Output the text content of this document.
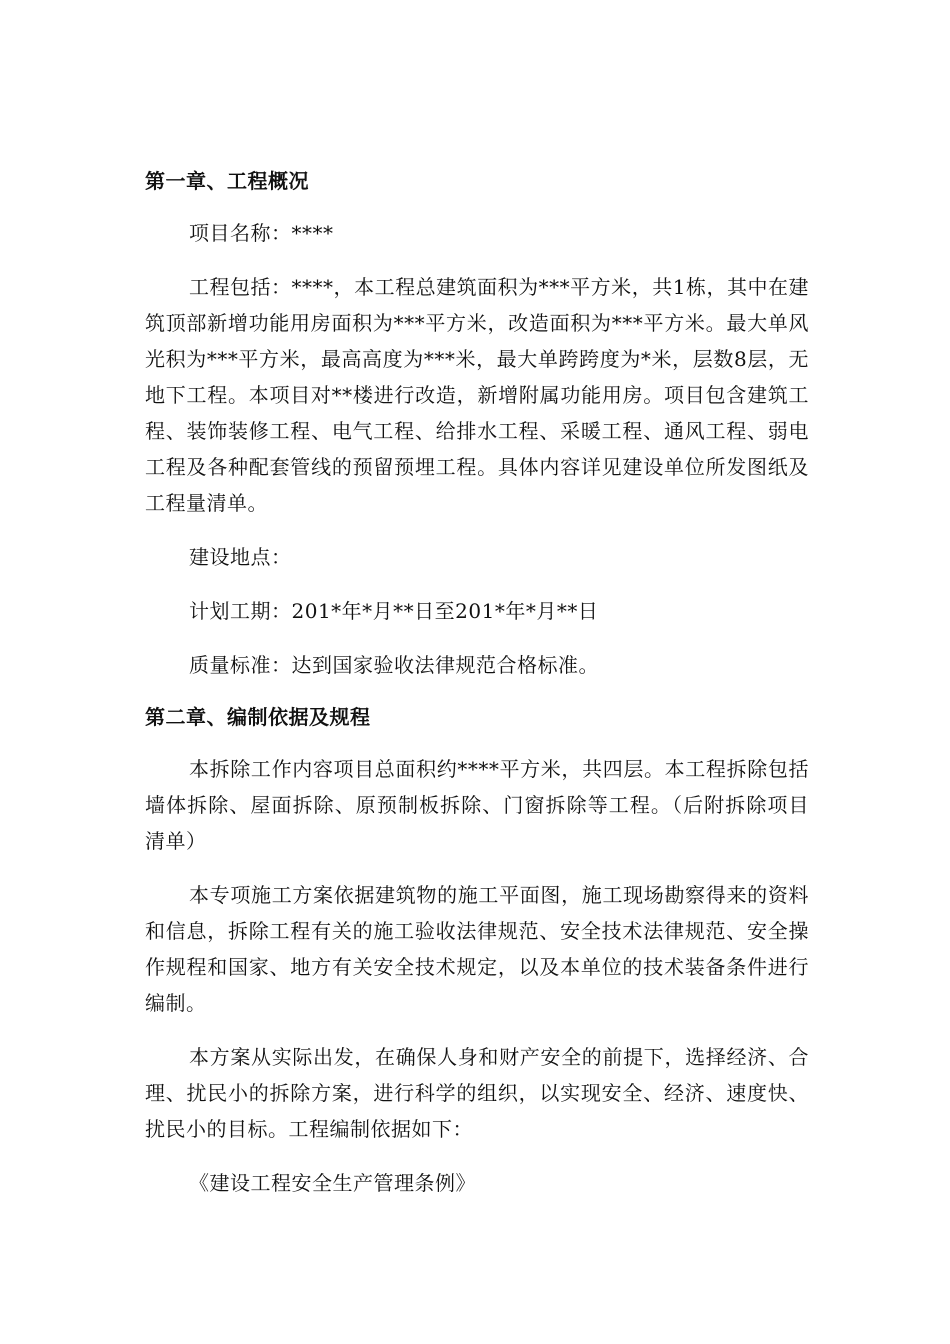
第一章、工程概况

项目名称：****

工程包括：****，本工程总建筑面积为***平方米，共1栋，其中在建筑顶部新增功能用房面积为***平方米，改造面积为***平方米。最大单风光积为***平方米，最高高度为***米，最大单跨跨度为*米，层数8层，无地下工程。本项目对**楼进行改造，新增附属功能用房。项目包含建筑工程、装饰装修工程、电气工程、给排水工程、采暖工程、通风工程、弱电工程及各种配套管线的预留预埋工程。具体内容详见建设单位所发图纸及工程量清单。

建设地点：

计划工期：201*年*月**日至201*年*月**日

质量标准：达到国家验收法律规范合格标准。

第二章、编制依据及规程

本拆除工作内容项目总面积约****平方米，共四层。本工程拆除包括墙体拆除、屋面拆除、原预制板拆除、门窗拆除等工程。（后附拆除项目清单）

本专项施工方案依据建筑物的施工平面图，施工现场勘察得来的资料和信息，拆除工程有关的施工验收法律规范、安全技术法律规范、安全操作规程和国家、地方有关安全技术规定，以及本单位的技术装备条件进行编制。

本方案从实际出发，在确保人身和财产安全的前提下，选择经济、合理、扰民小的拆除方案，进行科学的组织，以实现安全、经济、速度快、扰民小的目标。工程编制依据如下：

《建设工程安全生产管理条例》
